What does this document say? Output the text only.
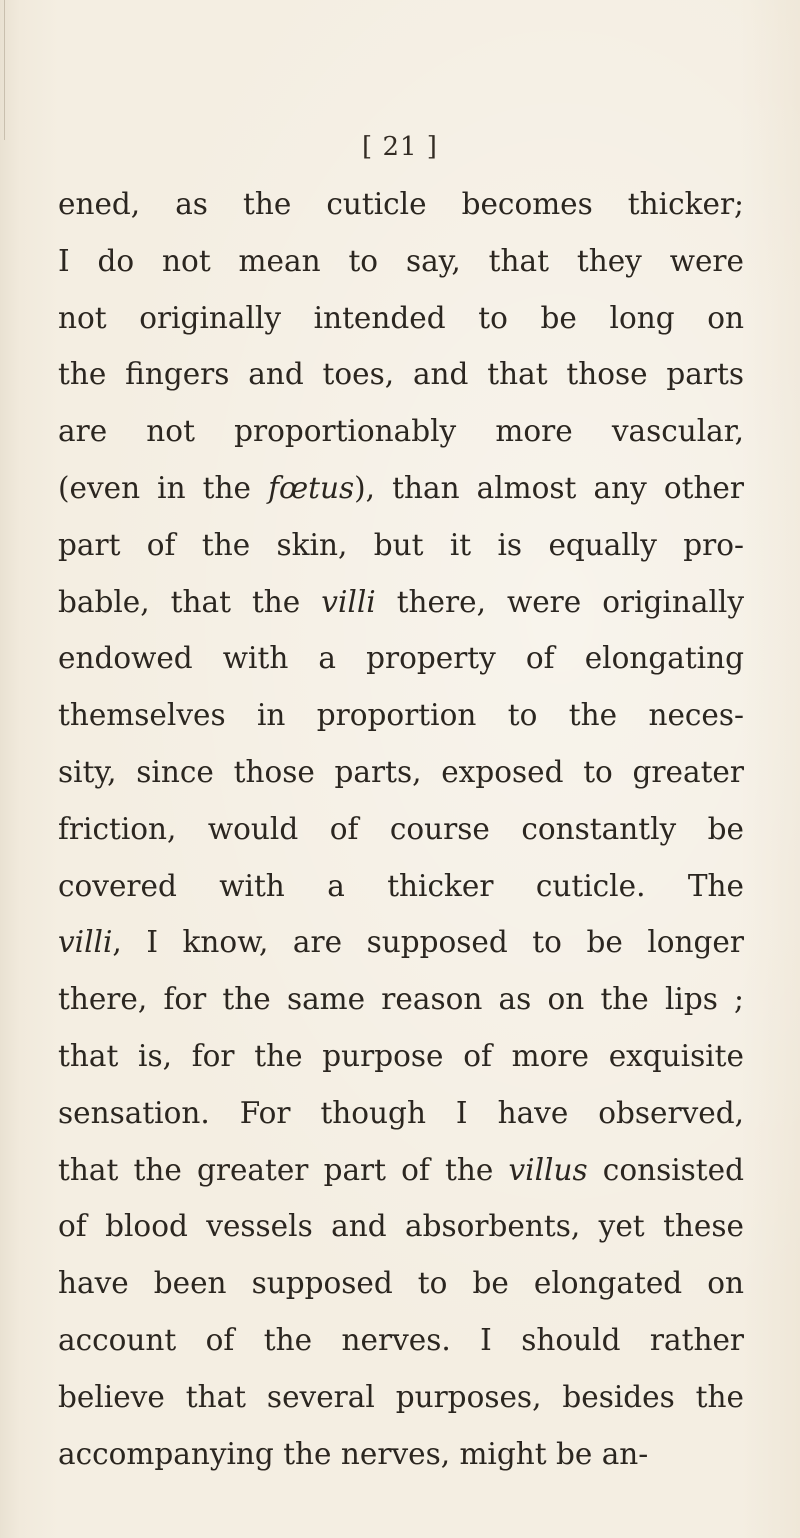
[ 21 ]
ened, as the cuticle becomes thicker;
I do not mean to say, that they were
not originally intended to be long on
the fingers and toes, and that those parts
are not proportionably more vascular,
(even in the fœtus), than almost any other
part of the skin, but it is equally pro-
bable, that the villi there, were originally
endowed with a property of elongating
themselves in proportion to the neces-
sity, since those parts, exposed to greater
friction, would of course constantly be
covered with a thicker cuticle. The
villi, I know, are supposed to be longer
there, for the same reason as on the lips ;
that is, for the purpose of more exquisite
sensation. For though I have observed,
that the greater part of the villus consisted
of blood vessels and absorbents, yet these
have been supposed to be elongated on
account of the nerves. I should rather
believe that several purposes, besides the
accompanying the nerves, might be an-
